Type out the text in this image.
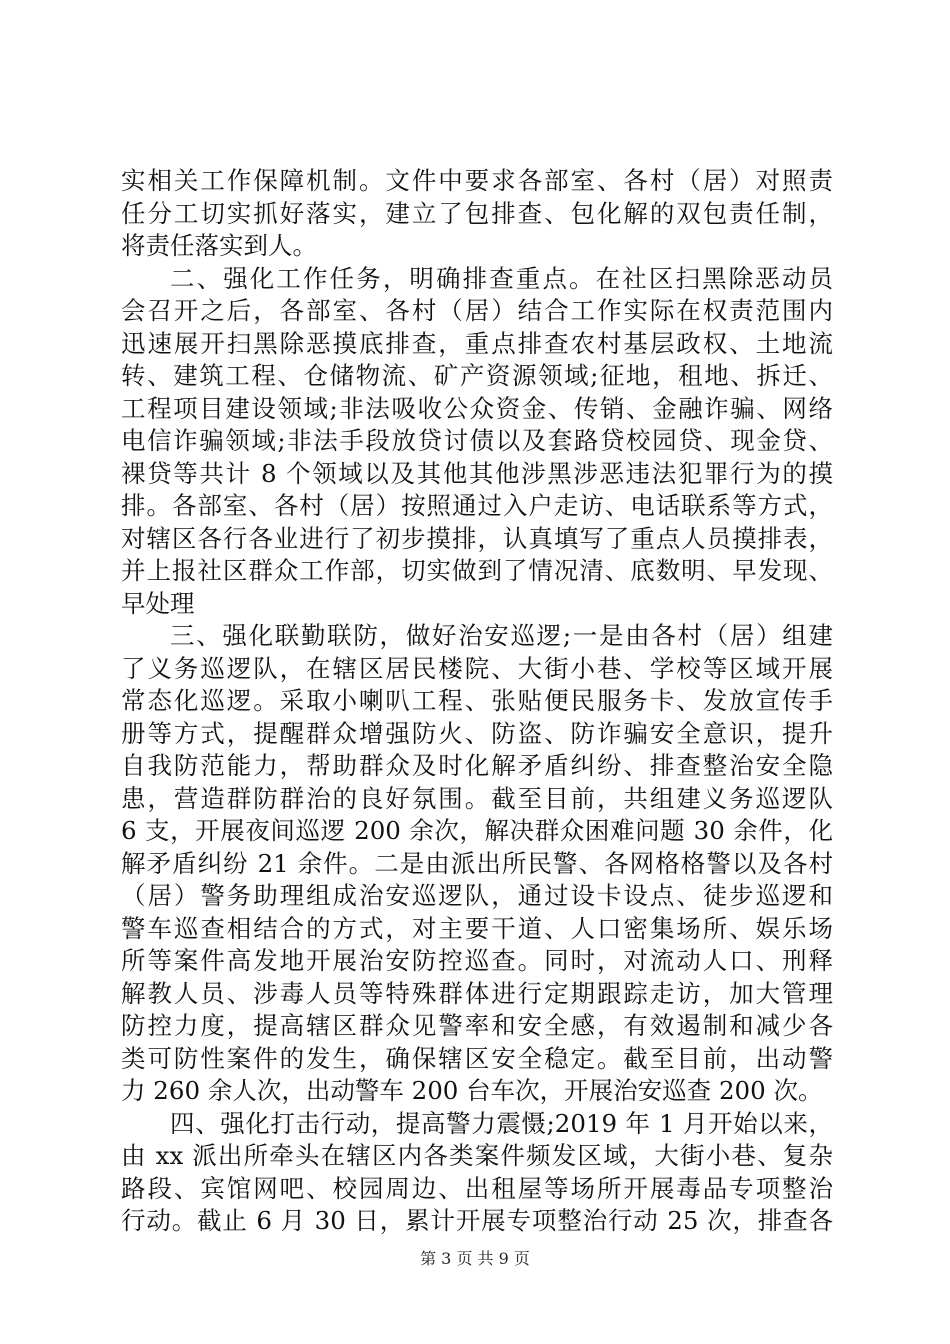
实相关工作保障机制。文件中要求各部室、各村（居）对照责
任分工切实抓好落实，建立了包排查、包化解的双包责任制，
将责任落实到人。
二、强化工作任务，明确排查重点。在社区扫黑除恶动员
会召开之后，各部室、各村（居）结合工作实际在权责范围内
迅速展开扫黑除恶摸底排查，重点排查农村基层政权、土地流
转、建筑工程、仓储物流、矿产资源领域;征地，租地、拆迁、
工程项目建设领域;非法吸收公众资金、传销、金融诈骗、网络
电信诈骗领域;非法手段放贷讨债以及套路贷校园贷、现金贷、
裸贷等共计 8 个领域以及其他其他涉黑涉恶违法犯罪行为的摸
排。各部室、各村（居）按照通过入户走访、电话联系等方式，
对辖区各行各业进行了初步摸排，认真填写了重点人员摸排表，
并上报社区群众工作部，切实做到了情况清、底数明、早发现、
早处理
三、强化联勤联防，做好治安巡逻;一是由各村（居）组建
了义务巡逻队，在辖区居民楼院、大街小巷、学校等区域开展
常态化巡逻。采取小喇叭工程、张贴便民服务卡、发放宣传手
册等方式，提醒群众增强防火、防盗、防诈骗安全意识，提升
自我防范能力，帮助群众及时化解矛盾纠纷、排查整治安全隐
患，营造群防群治的良好氛围。截至目前，共组建义务巡逻队
6 支，开展夜间巡逻 200 余次，解决群众困难问题 30 余件，化
解矛盾纠纷 21 余件。二是由派出所民警、各网格格警以及各村
（居）警务助理组成治安巡逻队，通过设卡设点、徒步巡逻和
警车巡查相结合的方式，对主要干道、人口密集场所、娱乐场
所等案件高发地开展治安防控巡查。同时，对流动人口、刑释
解教人员、涉毒人员等特殊群体进行定期跟踪走访，加大管理
防控力度，提高辖区群众见警率和安全感，有效遏制和减少各
类可防性案件的发生，确保辖区安全稳定。截至目前，出动警
力 260 余人次，出动警车 200 台车次，开展治安巡查 200 次。
四、强化打击行动，提高警力震慑;2019 年 1 月开始以来，
由 xx 派出所牵头在辖区内各类案件频发区域，大街小巷、复杂
路段、宾馆网吧、校园周边、出租屋等场所开展毒品专项整治
行动。截止 6 月 30 日，累计开展专项整治行动 25 次，排查各
第 3 页 共 9 页
